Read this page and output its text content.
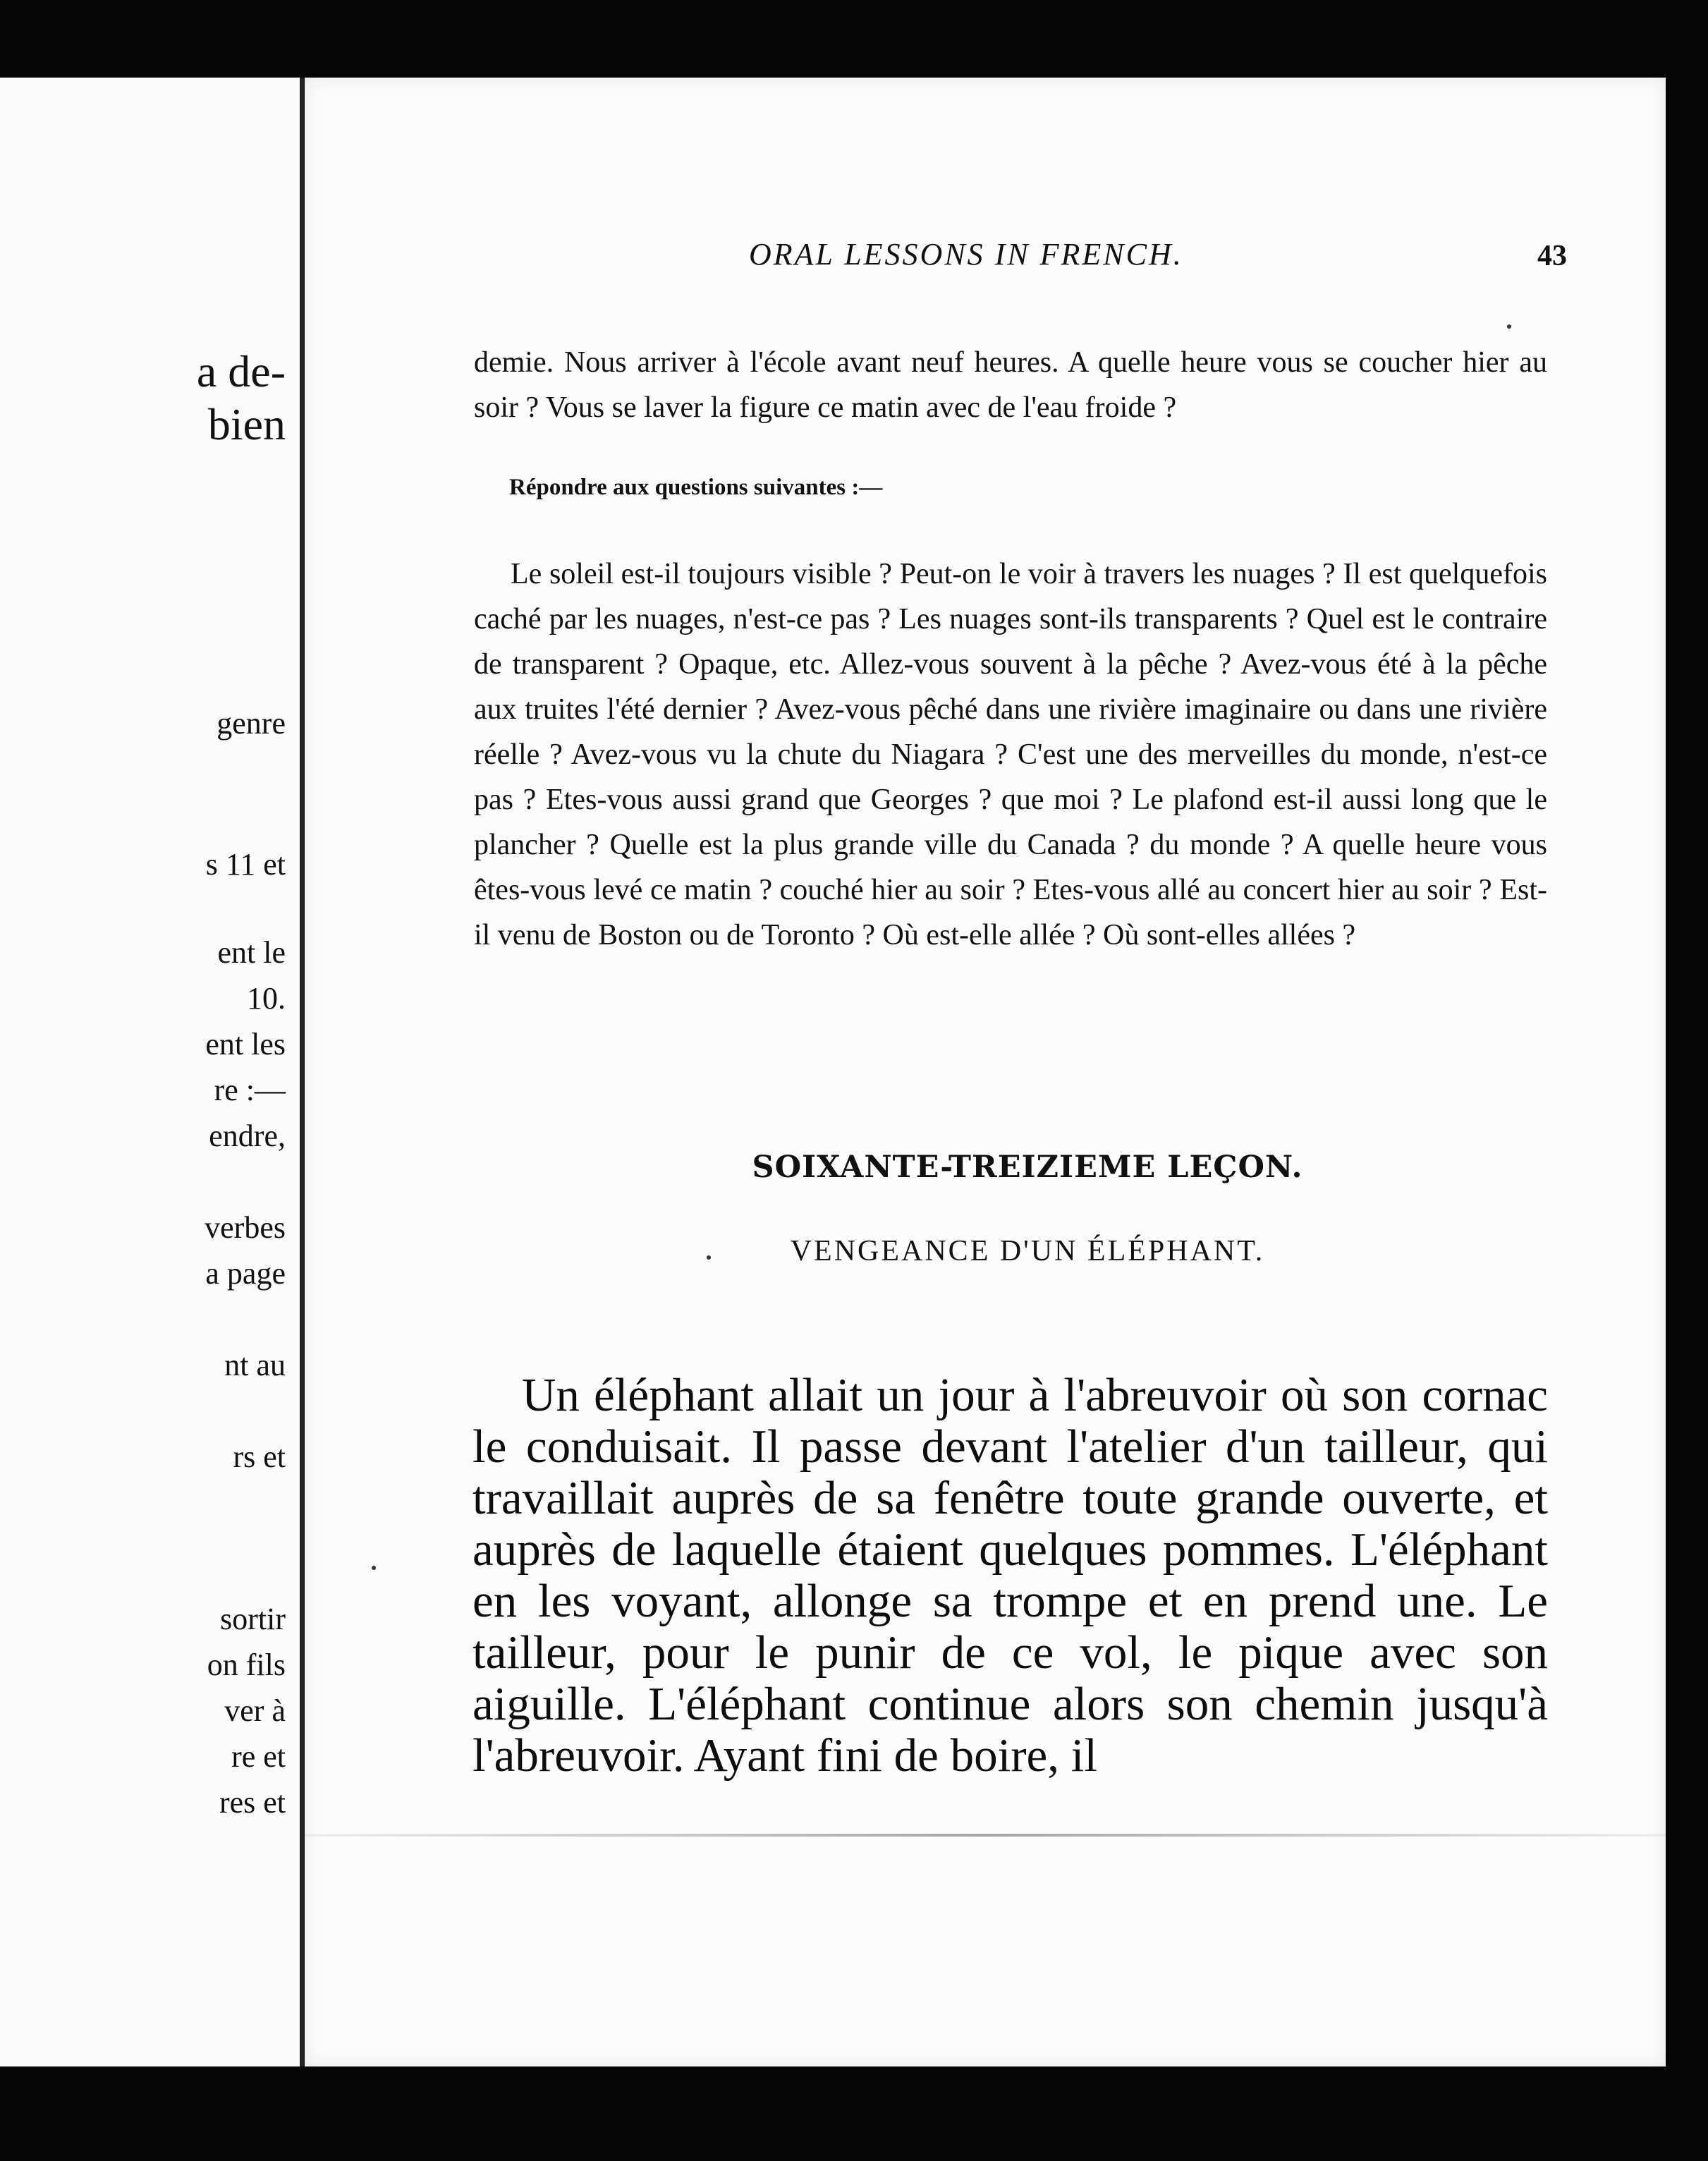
a de-
bien
genre
s 11 et
ent le
10.
ent les
re :—
endre,
verbes
a page
nt au
rs et
sortir
on fils
ver à
re et
res et
ORAL LESSONS IN FRENCH.	43

demie. Nous arriver à l'école avant neuf heures. A quelle heure vous se coucher hier au soir ? Vous se laver la figure ce matin avec de l'eau froide ?

Répondre aux questions suivantes :—

Le soleil est-il toujours visible ? Peut-on le voir à travers les nuages ? Il est quelquefois caché par les nuages, n'est-ce pas ? Les nuages sont-ils transparents ? Quel est le contraire de transparent ? Opaque, etc. Allez-vous souvent à la pêche ? Avez-vous été à la pêche aux truites l'été dernier ? Avez-vous pêché dans une rivière imaginaire ou dans une rivière réelle ? Avez-vous vu la chute du Niagara ? C'est une des merveilles du monde, n'est-ce pas ? Etes-vous aussi grand que Georges ? que moi ? Le plafond est-il aussi long que le plancher ? Quelle est la plus grande ville du Canada ? du monde ? A quelle heure vous êtes-vous levé ce matin ? couché hier au soir ? Etes-vous allé au concert hier au soir ? Est-il venu de Boston ou de Toronto ? Où est-elle allée ? Où sont-elles allées ?

SOIXANTE-TREIZIEME LEÇON.
VENGEANCE D'UN ÉLÉPHANT.

Un éléphant allait un jour à l'abreuvoir où son cornac le conduisait. Il passe devant l'atelier d'un tailleur, qui travaillait auprès de sa fenêtre toute grande ouverte, et auprès de laquelle étaient quelques pommes. L'éléphant en les voyant, allonge sa trompe et en prend une. Le tailleur, pour le punir de ce vol, le pique avec son aiguille. L'éléphant continue alors son chemin jusqu'à l'abreuvoir. Ayant fini de boire, il
